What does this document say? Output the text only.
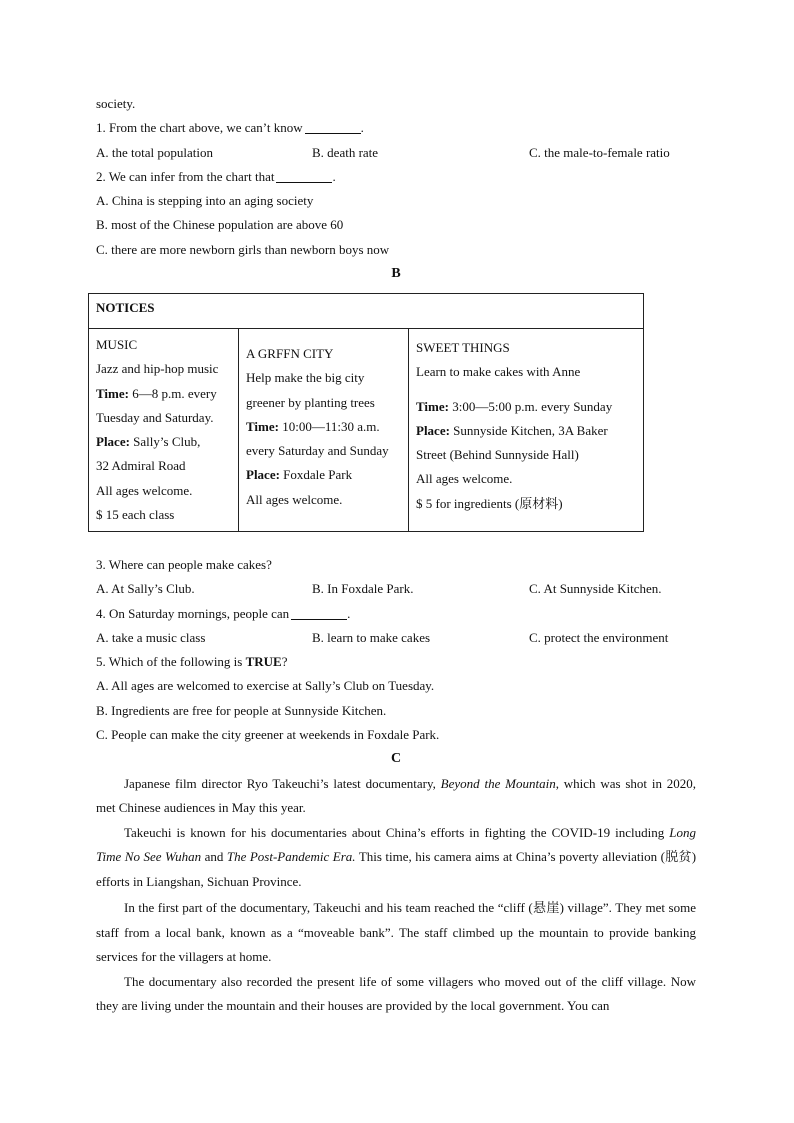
society.
1. From the chart above, we can’t know	.
A. the total population	B. death rate	C. the male-to-female ratio
2. We can infer from the chart that	.
A. China is stepping into an aging society
B. most of the Chinese population are above 60
C. there are more newborn girls than newborn boys now
B
NOTICES

MUSIC
Jazz and hip-hop music
Time: 6—8 p.m. every
Tuesday and Saturday.
Place: Sally’s Club,
32 Admiral Road
All ages welcome.
$ 15 each class

A GRFFN CITY
Help make the big city
greener by planting trees
Time: 10:00—11:30 a.m.
every Saturday and Sunday
Place: Foxdale Park
All ages welcome.

SWEET THINGS
Learn to make cakes with Anne
Time: 3:00—5:00 p.m. every Sunday
Place: Sunnyside Kitchen, 3A Baker
Street (Behind Sunnyside Hall)
All ages welcome.
$ 5 for ingredients (原材料)
3. Where can people make cakes?
A. At Sally’s Club.	B. In Foxdale Park.	C. At Sunnyside Kitchen.
4. On Saturday mornings, people can	.
A. take a music class	B. learn to make cakes	C. protect the environment
5. Which of the following is TRUE?
A. All ages are welcomed to exercise at Sally’s Club on Tuesday.
B. Ingredients are free for people at Sunnyside Kitchen.
C. People can make the city greener at weekends in Foxdale Park.
C
Japanese film director Ryo Takeuchi’s latest documentary, Beyond the Mountain, which was shot in 2020, met Chinese audiences in May this year.
Takeuchi is known for his documentaries about China’s efforts in fighting the COVID-19 including Long Time No See Wuhan and The Post-Pandemic Era. This time, his camera aims at China’s poverty alleviation (脱贫) efforts in Liangshan, Sichuan Province.
In the first part of the documentary, Takeuchi and his team reached the “cliff (悬崖) village”. They met some staff from a local bank, known as a “moveable bank”. The staff climbed up the mountain to provide banking services for the villagers at home.
The documentary also recorded the present life of some villagers who moved out of the cliff village. Now they are living under the mountain and their houses are provided by the local government. You can
